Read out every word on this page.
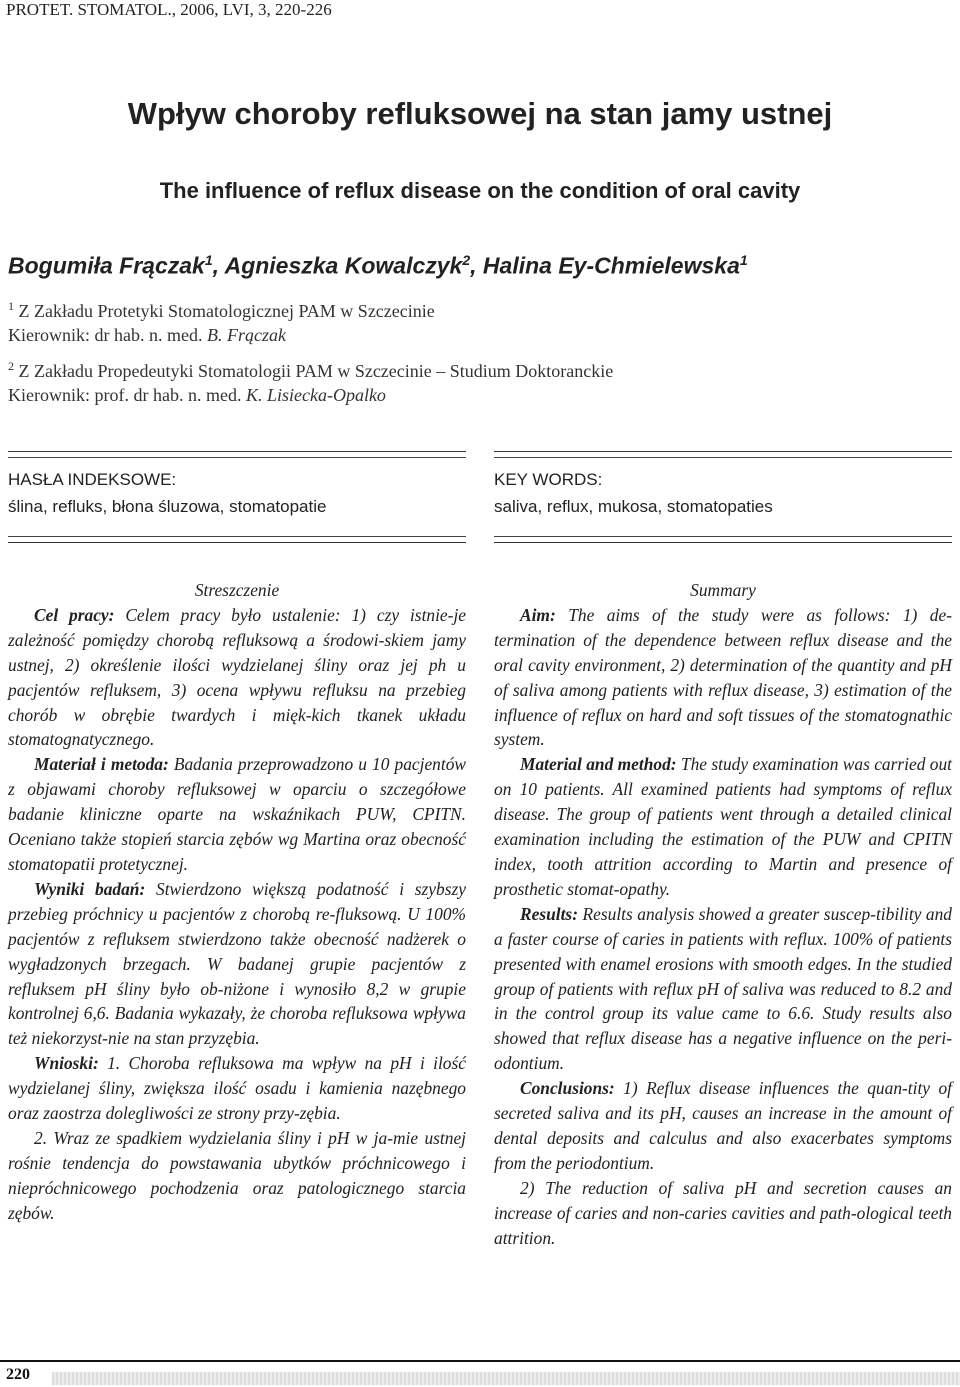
PROTET. STOMATOL., 2006, LVI, 3, 220-226
Wpływ choroby refluksowej na stan jamy ustnej
The influence of reflux disease on the condition of oral cavity
Bogumiła Frączak$^1$, Agnieszka Kowalczyk$^2$, Halina Ey-Chmielewska$^1$
$^1$ Z Zakładu Protetyki Stomatologicznej PAM w Szczecinie
Kierownik: dr hab. n. med. B. Frączak
$^2$ Z Zakładu Propedeutyki Stomatologii PAM w Szczecinie – Studium Doktoranckie
Kierownik: prof. dr hab. n. med. K. Lisiecka-Opalko
HASŁA INDEKSOWE:
ślina, refluks, błona śluzowa, stomatopatie
KEY WORDS:
saliva, reflux, mukosa, stomatopaties

Streszczenie

Cel pracy: Celem pracy było ustalenie: 1) czy istnie-je zależność pomiędzy chorobą refluksową a środowi-skiem jamy ustnej, 2) określenie ilości wydzielanej śliny oraz jej ph u pacjentów refluksem, 3) ocena wpływu refluksu na przebieg chorób w obrębie twardych i mięk-kich tkanek układu stomatognatycznego.

Materiał i metoda: Badania przeprowadzono u 10 pacjentów z objawami choroby refluksowej w oparciu o szczegółowe badanie kliniczne oparte na wskaźnikach PUW, CPITN. Oceniano także stopień starcia zębów wg Martina oraz obecność stomatopatii protetycznej.

Wyniki badań: Stwierdzono większą podatność i szybszy przebieg próchnicy u pacjentów z chorobą re-fluksową. U 100% pacjentów z refluksem stwierdzono także obecność nadżerek o wygładzonych brzegach. W badanej grupie pacjentów z refluksem pH śliny było ob-niżone i wynosiło 8,2 w grupie kontrolnej 6,6. Badania wykazały, że choroba refluksowa wpływa też niekorzyst-nie na stan przyzębia.

Wnioski: 1. Choroba refluksowa ma wpływ na pH i ilość wydzielanej śliny, zwiększa ilość osadu i kamienia nazębnego oraz zaostrza dolegliwości ze strony przy-zębia.

2. Wraz ze spadkiem wydzielania śliny i pH w ja-mie ustnej rośnie tendencja do powstawania ubytków próchnicowego i niepróchnicowego pochodzenia oraz patologicznego starcia zębów.

Summary

Aim: The aims of the study were as follows: 1) de-termination of the dependence between reflux disease and the oral cavity environment, 2) determination of the quantity and pH of saliva among patients with reflux disease, 3) estimation of the influence of reflux on hard and soft tissues of the stomatognathic system.

Material and method: The study examination was carried out on 10 patients. All examined patients had symptoms of reflux disease. The group of patients went through a detailed clinical examination including the estimation of the PUW and CPITN index, tooth attrition according to Martin and presence of prosthetic stomat-opathy.

Results: Results analysis showed a greater suscep-tibility and a faster course of caries in patients with reflux. 100% of patients presented with enamel erosions with smooth edges. In the studied group of patients with reflux pH of saliva was reduced to 8.2 and in the control group its value came to 6.6. Study results also showed that reflux disease has a negative influence on the peri-odontium.

Conclusions: 1) Reflux disease influences the quan-tity of secreted saliva and its pH, causes an increase in the amount of dental deposits and calculus and also exacerbates symptoms from the periodontium.

2) The reduction of saliva pH and secretion causes an increase of caries and non-caries cavities and path-ological teeth attrition.

220
